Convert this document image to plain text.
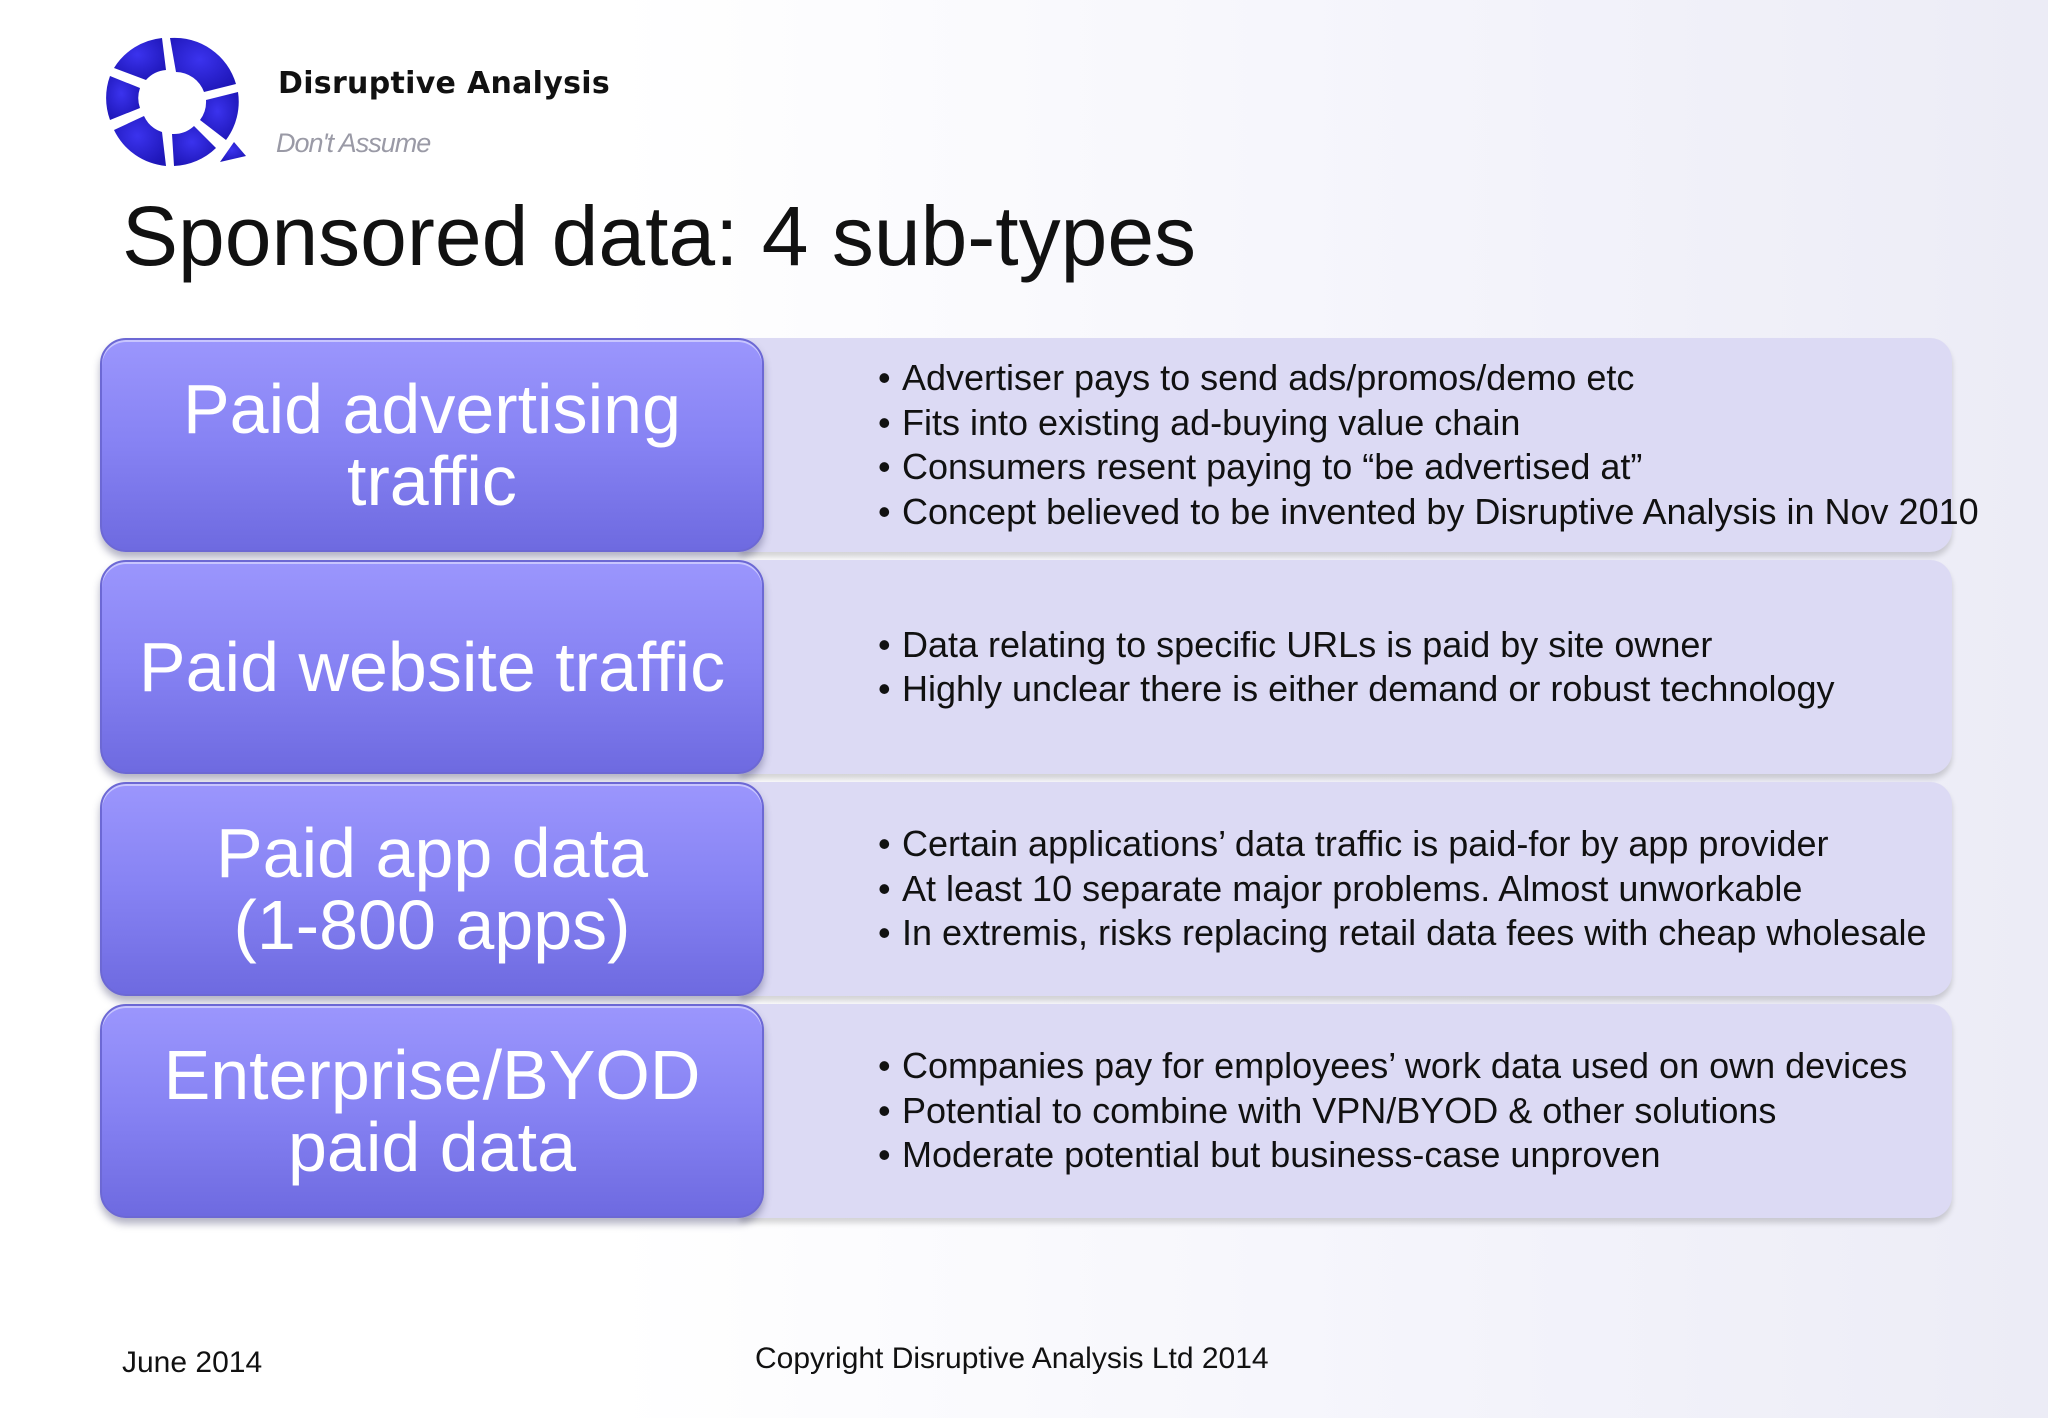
Disruptive Analysis
Don't Assume
Sponsored data: 4 sub-types
• Advertiser pays to send ads/promos/demo etc
• Fits into existing ad-buying value chain
• Consumers resent paying to “be advertised at”
• Concept believed to be invented by Disruptive Analysis in Nov 2010
Paid advertising
traffic
• Data relating to specific URLs is paid by site owner
• Highly unclear there is either demand or robust technology
Paid website traffic
• Certain applications’ data traffic is paid-for by app provider
• At least 10 separate major problems. Almost unworkable
• In extremis, risks replacing retail data fees with cheap wholesale
Paid app data
(1-800 apps)
• Companies pay for employees’ work data used on own devices
• Potential to combine with VPN/BYOD & other solutions
• Moderate potential but business-case unproven
Enterprise/BYOD
paid data
June 2014	Copyright Disruptive Analysis Ltd 2014
